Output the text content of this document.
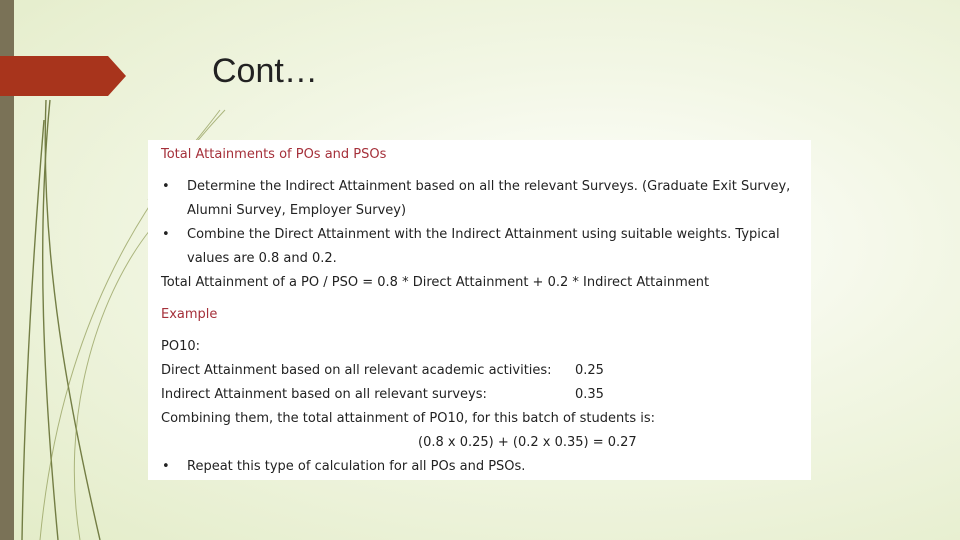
Cont…

Total Attainments of POs and PSOs

• Determine the Indirect Attainment based on all the relevant Surveys. (Graduate Exit Survey, Alumni Survey, Employer Survey)
• Combine the Direct Attainment with the Indirect Attainment using suitable weights. Typical values are 0.8 and 0.2.
Total Attainment of a PO / PSO = 0.8 * Direct Attainment + 0.2 * Indirect Attainment

Example

PO10:
Direct Attainment based on all relevant academic activities:	0.25
Indirect Attainment based on all relevant surveys:	0.35
Combining them, the total attainment of PO10, for this batch of students is:
(0.8 x 0.25) + (0.2 x 0.35) = 0.27
• Repeat this type of calculation for all POs and PSOs.
